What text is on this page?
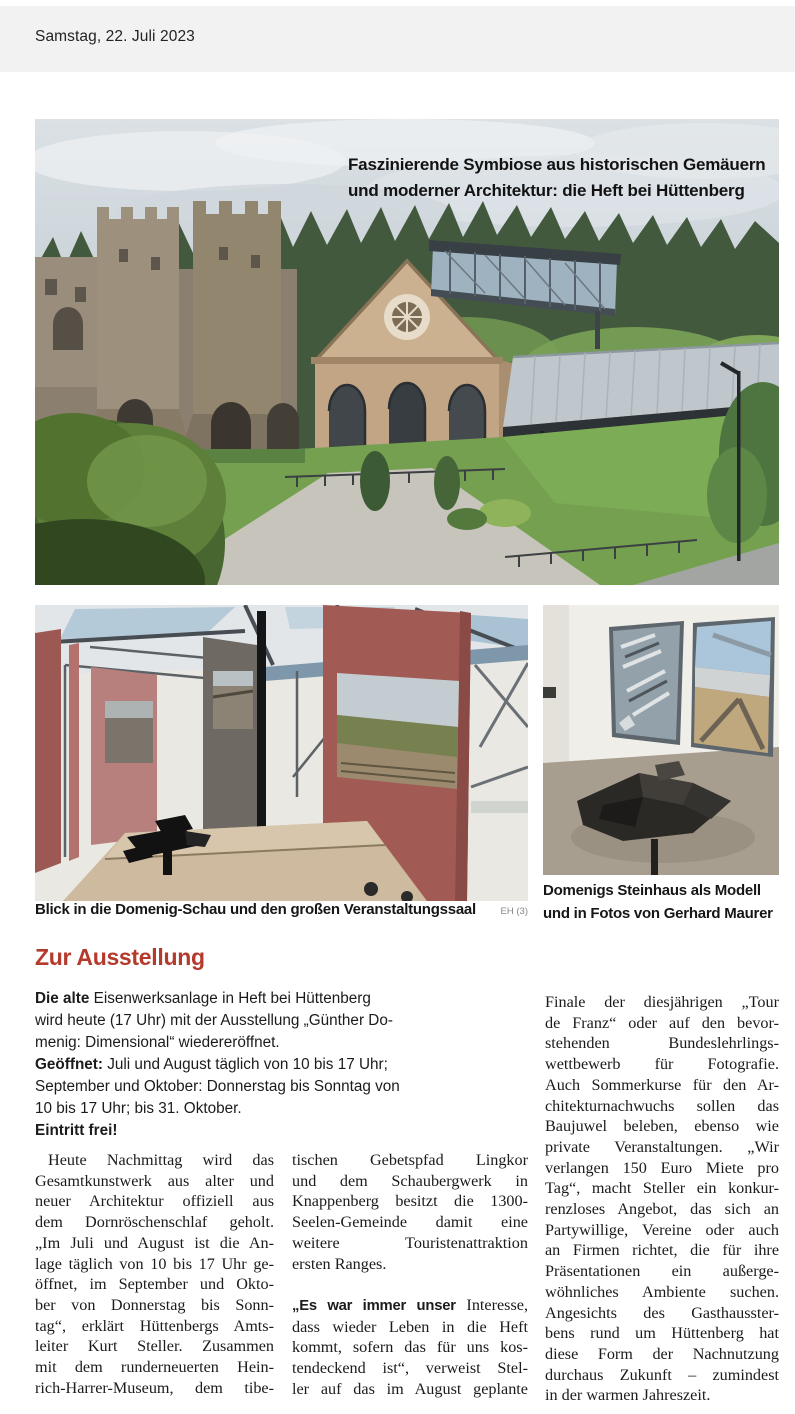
Samstag, 22. Juli 2023
Faszinierende Symbiose aus historischen Gemäuern
und moderner Architektur: die Heft bei Hüttenberg
Blick in die Domenig-Schau und den großen Veranstaltungssaal	EH (3)
Domenigs Steinhaus als Modell und in Fotos von Gerhard Maurer
Zur Ausstellung
Die alte Eisenwerksanlage in Heft bei Hüttenberg
wird heute (17 Uhr) mit der Ausstellung „Günther Do-
menig: Dimensional“ wiedereröffnet.
Geöffnet: Juli und August täglich von 10 bis 17 Uhr;
September und Oktober: Donnerstag bis Sonntag von
10 bis 17 Uhr; bis 31. Oktober.
Eintritt frei!
Heute Nachmittag wird das
Gesamtkunstwerk aus alter und
neuer Architektur offiziell aus
dem Dornröschenschlaf geholt.
„Im Juli und August ist die An-
lage täglich von 10 bis 17 Uhr ge-
öffnet, im September und Okto-
ber von Donnerstag bis Sonn-
tag“, erklärt Hüttenbergs Amts-
leiter Kurt Steller. Zusammen
mit dem runderneuerten Hein-
rich-Harrer-Museum, dem tibe-
tischen Gebetspfad Lingkor
und dem Schaubergwerk in
Knappenberg besitzt die 1300-
Seelen-Gemeinde damit eine
weitere Touristenattraktion
ersten Ranges.
„Es war immer unser Interesse,
dass wieder Leben in die Heft
kommt, sofern das für uns kos-
tendeckend ist“, verweist Stel-
ler auf das im August geplante
Finale der diesjährigen „Tour
de Franz“ oder auf den bevor-
stehenden Bundeslehrlings-
wettbewerb für Fotografie.
Auch Sommerkurse für den Ar-
chitekturnachwuchs sollen das
Baujuwel beleben, ebenso wie
private Veranstaltungen. „Wir
verlangen 150 Euro Miete pro
Tag“, macht Steller ein konkur-
renzloses Angebot, das sich an
Partywillige, Vereine oder auch
an Firmen richtet, die für ihre
Präsentationen ein außerge-
wöhnliches Ambiente suchen.
Angesichts des Gasthausster-
bens rund um Hüttenberg hat
diese Form der Nachnutzung
durchaus Zukunft – zumindest
in der warmen Jahreszeit.
